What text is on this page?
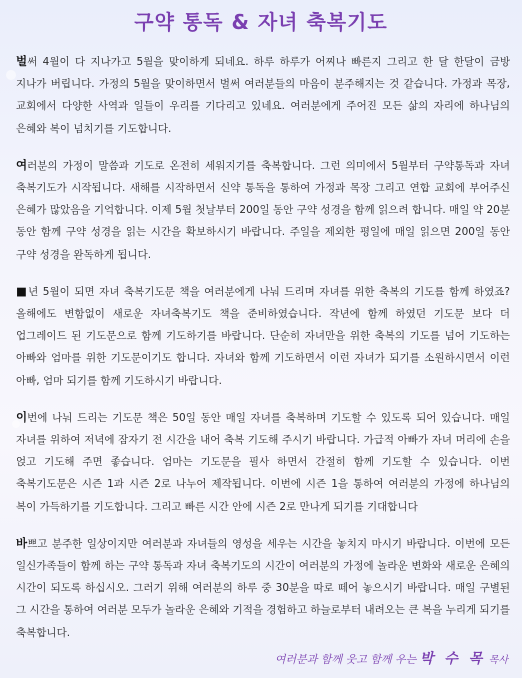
구약 통독 & 자녀 축복기도

벌써 4월이 다 지나가고 5월을 맞이하게 되네요. 하루 하루가 어찌나 빠른지 그리고 한 달 한달이 금방 지나가 버립니다. 가정의 5월을 맞이하면서 벌써 여러분들의 마음이 분주해지는 것 같습니다. 가정과 목장, 교회에서 다양한 사역과 일들이 우리를 기다리고 있네요. 여러분에게 주어진 모든 삶의 자리에 하나님의 은혜와 복이 넘치기를 기도합니다.

여러분의 가정이 말씀과 기도로 온전히 세워지기를 축복합니다. 그런 의미에서 5월부터 구약통독과 자녀 축복기도가 시작됩니다. 새해를 시작하면서 신약 통독을 통하여 가정과 목장 그리고 연합 교회에 부어주신 은혜가 많았음을 기억합니다. 이제 5월 첫날부터 200일 동안 구약 성경을 함께 읽으려 합니다. 매일 약 20분 동안 함께 구약 성경을 읽는 시간을 확보하시기 바랍니다. 주일을 제외한 평일에 매일 읽으면 200일 동안 구약 성경을 완독하게 됩니다.

■년 5월이 되면 자녀 축복기도문 책을 여러분에게 나눠 드리며 자녀를 위한 축복의 기도를 함께 하였죠? 올해에도 변함없이 새로운 자녀축복기도 책을 준비하였습니다. 작년에 함께 하였던 기도문 보다 더 업그레이드 된 기도문으로 함께 기도하기를 바랍니다. 단순히 자녀만을 위한 축복의 기도를 넘어 기도하는 아빠와 엄마를 위한 기도문이기도 합니다. 자녀와 함께 기도하면서 이런 자녀가 되기를 소원하시면서 이런 아빠, 엄마 되기를 함께 기도하시기 바랍니다.

이번에 나눠 드리는 기도문 책은 50일 동안 매일 자녀를 축복하며 기도할 수 있도록 되어 있습니다. 매일 자녀를 위하여 저녁에 잠자기 전 시간을 내어 축복 기도해 주시기 바랍니다. 가급적 아빠가 자녀 머리에 손을 얹고 기도해 주면 좋습니다. 엄마는 기도문을 필사 하면서 간절히 함께 기도할 수 있습니다. 이번 축복기도문은 시즌 1과 시즌 2로 나누어 제작됩니다. 이번에 시즌 1을 통하여 여러분의 가정에 하나님의 복이 가득하기를 기도합니다. 그리고 빠른 시간 안에 시즌 2로 만나게 되기를 기대합니다

바쁘고 분주한 일상이지만 여러분과 자녀들의 영성을 세우는 시간을 놓치지 마시기 바랍니다. 이번에 모든 일신가족들이 함께 하는 구약 통독과 자녀 축복기도의 시간이 여러분의 가정에 놀라운 변화와 새로운 은혜의 시간이 되도록 하십시오. 그러기 위해 여러분의 하루 중 30분을 따로 떼어 놓으시기 바랍니다. 매일 구별된 그 시간을 통하여 여러분 모두가 놀라운 은혜와 기적을 경험하고 하늘로부터 내려오는 큰 복을 누리게 되기를 축복합니다.

여러분과 함께 웃고 함께 우는 박 수 목 목사
